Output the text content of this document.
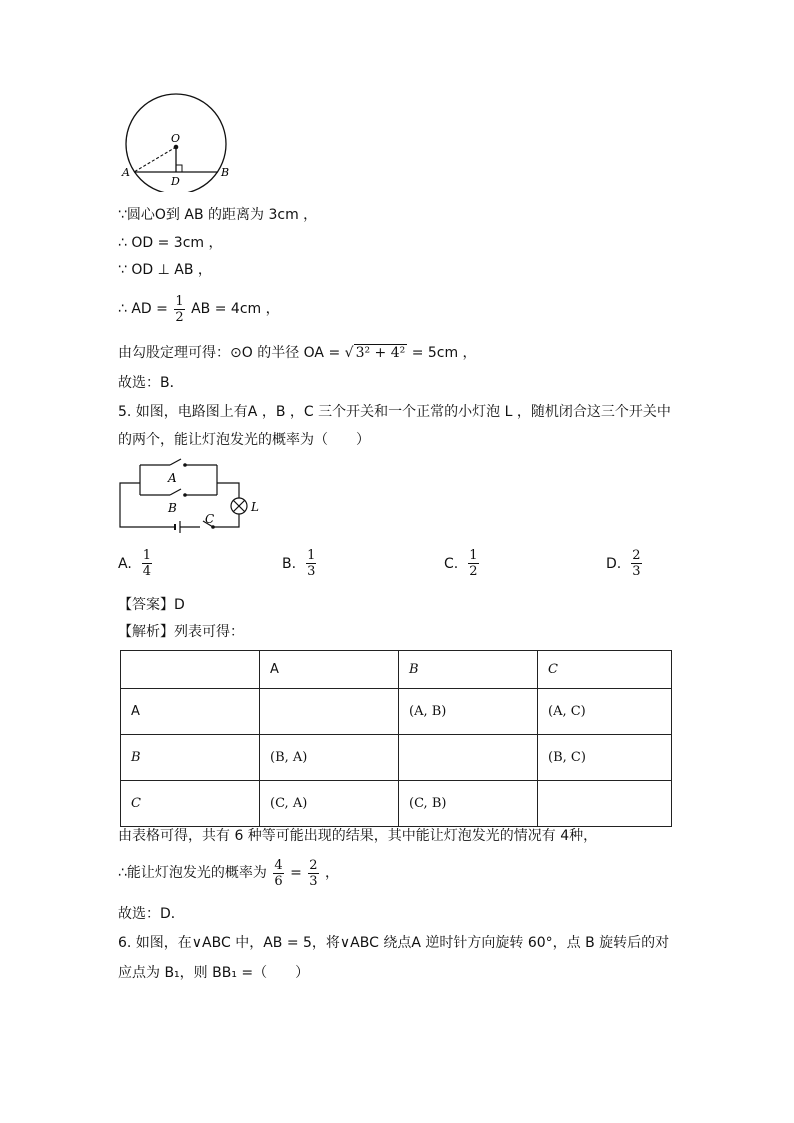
O
A	B
D
∵圆心O到 AB 的距离为 3cm ，
∴ OD = 3cm ，
∵ OD ⊥ AB ，
∴ AD = $\frac{1}{2}$ AB = 4cm ，
由勾股定理可得：⊙O 的半径 OA = √ 3² + 4² = 5cm ，
故选：B．
5. 如图，电路图上有A ，B ，C 三个开关和一个正常的小灯泡 L ，随机闭合这三个开关中
的两个，能让灯泡发光的概率为（　　）
A
B
C
L
A. $\frac{1}{4}$	B. $\frac{1}{3}$	C. $\frac{1}{2}$	D. $\frac{2}{3}$
【答案】D
【解析】列表可得：
	A	B	C
A		(A, B)	(A, C)
B	(B, A)		(B, C)
C	(C, A)	(C, B)	
由表格可得，共有 6 种等可能出现的结果，其中能让灯泡发光的情况有 4种，
∴能让灯泡发光的概率为 $\frac{4}{6} = \frac{2}{3}$ ，
故选：D．
6. 如图，在∨ABC 中，AB = 5，将∨ABC 绕点A 逆时针方向旋转 60°，点 B 旋转后的对
应点为 B₁，则 BB₁ =（　　）
